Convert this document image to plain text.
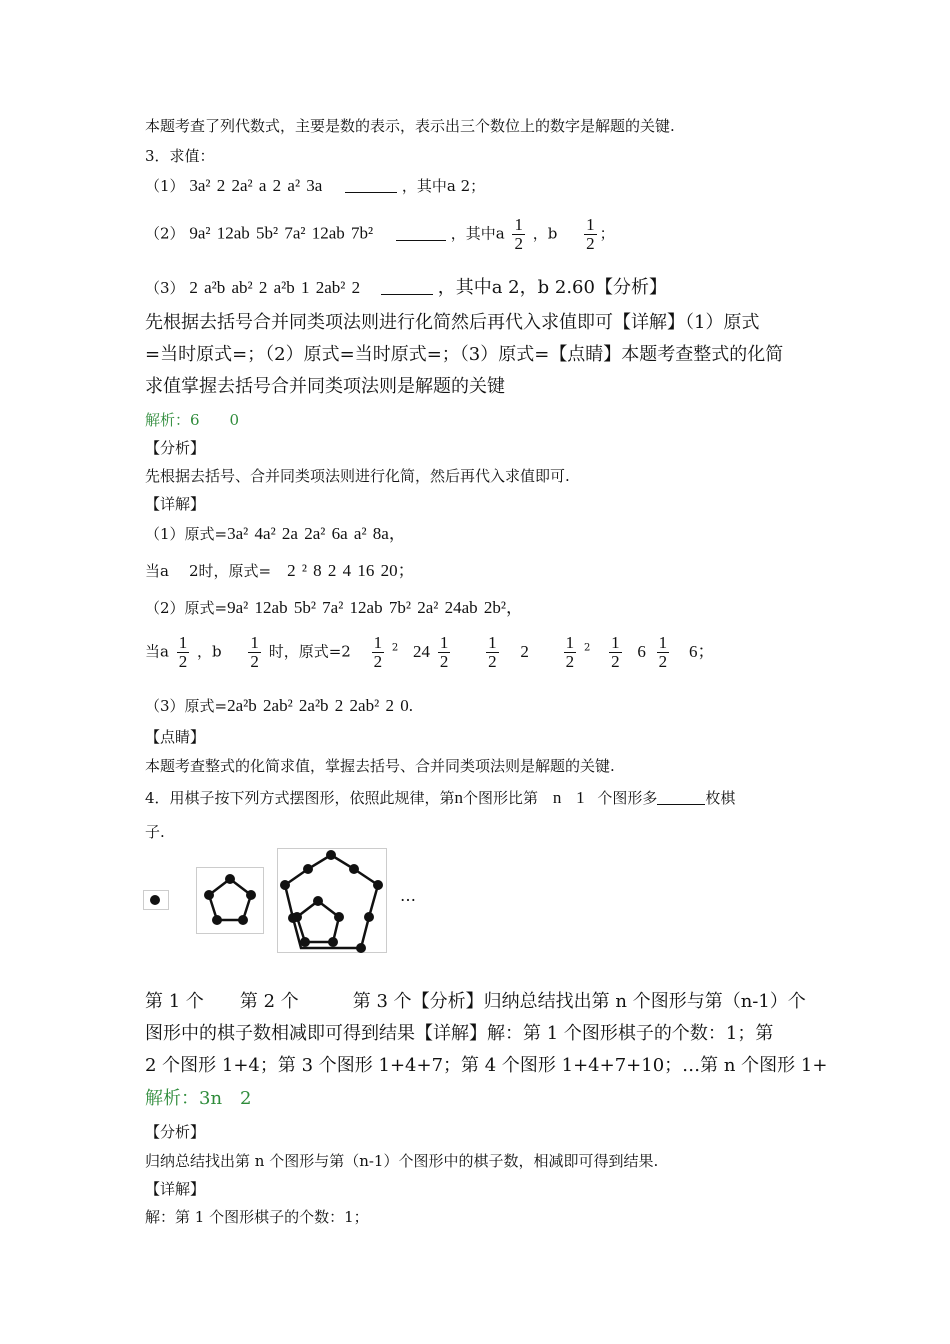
本题考查了列代数式，主要是数的表示，表示出三个数位上的数字是解题的关键.
3．求值：
（1） 3a² 2 2a² a 2 a² 3a	，其中a 2；
（2） 9a² 12ab 5b² 7a² 12ab 7b²	，其中a $\frac{1}{2}$ ，b $\frac{1}{2}$ ；
（3） 2 a²b ab² 2 a²b 1 2ab² 2	，其中a 2，b 2.60【分析】
先根据去括号合并同类项法则进行化简然后再代入求值即可【详解】（1）原式
=当时原式=；（2）原式=当时原式=；（3）原式=【点睛】本题考查整式的化简
求值掌握去括号合并同类项法则是解题的关键
解析：6　　0
【分析】
先根据去括号、合并同类项法则进行化简，然后再代入求值即可.
【详解】
（1）原式=3a² 4a² 2a 2a² 6a a² 8a，
当a 2时，原式= 2 ² 8 2 4 16 20；
（2）原式=9a² 12ab 5b² 7a² 12ab 7b² 2a² 24ab 2b²，
当a $\frac{1}{2}$ ，b $\frac{1}{2}$ 时，原式$=2 \frac{1}{2} ^2$ $24 \frac{1}{2}$
$\frac{1}{2} 2 \frac{1}{2} ^2 \frac{1}{2} 6 \frac{1}{2} 6$；
（3）原式=2a²b 2ab² 2a²b 2 2ab² 2 0.
【点睛】
本题考查整式的化简求值，掌握去括号、合并同类项法则是解题的关键.
4．用棋子按下列方式摆图形，依照此规律，第n个图形比第 n 1 个图形多	枚棋
子.
…
第 1 个　　第 2 个　　　第 3 个【分析】归纳总结找出第 n 个图形与第（n-1）个
图形中的棋子数相减即可得到结果【详解】解：第 1 个图形棋子的个数：1；第
2 个图形 1+4；第 3 个图形 1+4+7；第 4 个图形 1+4+7+10；…第 n 个图形 1+
解析：3n　2
【分析】
归纳总结找出第 n 个图形与第（n-1）个图形中的棋子数，相减即可得到结果.
【详解】
解：第 1 个图形棋子的个数：1；
